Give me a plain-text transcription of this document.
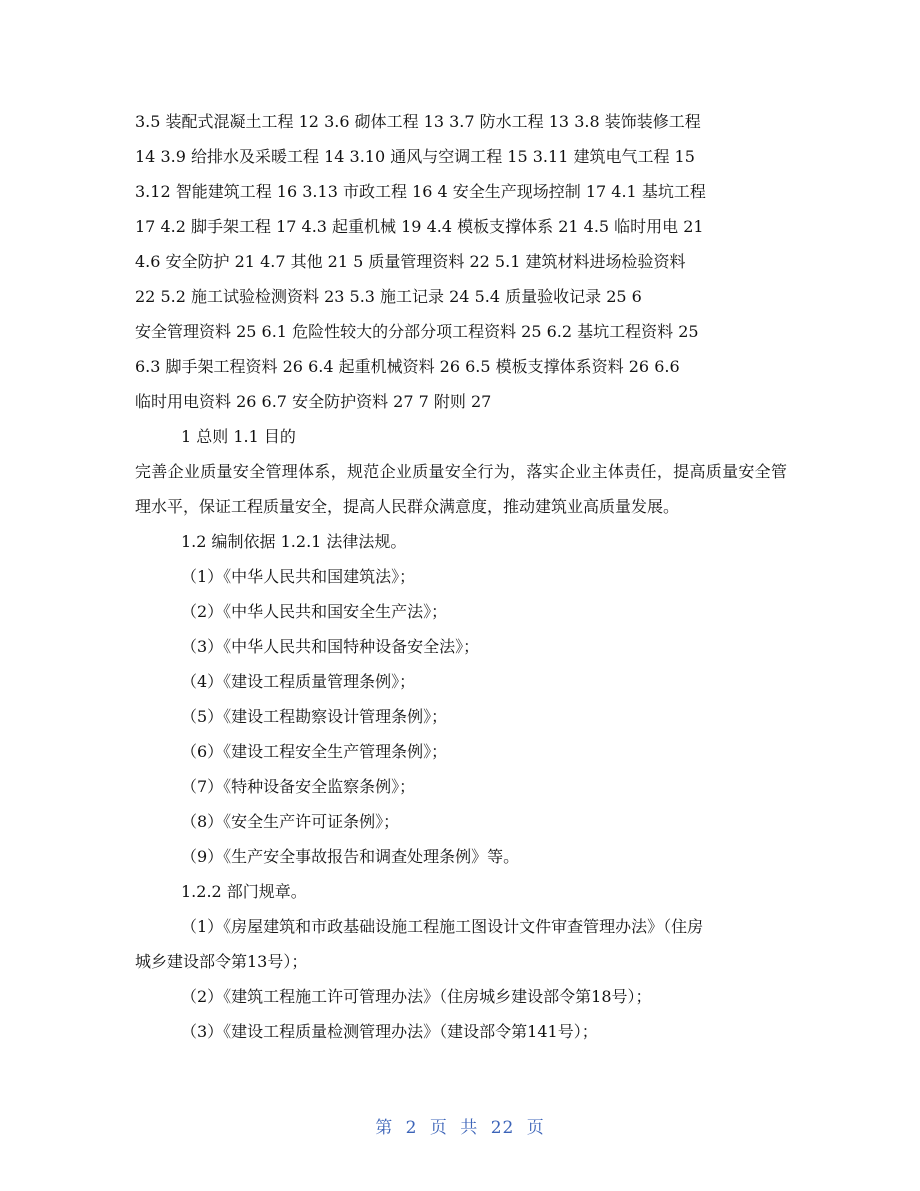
3.5 装配式混凝土工程 12 3.6 砌体工程 13 3.7 防水工程 13 3.8 装饰装修工程
14 3.9 给排水及采暖工程 14 3.10 通风与空调工程 15 3.11 建筑电气工程 15
3.12 智能建筑工程 16 3.13 市政工程 16 4 安全生产现场控制 17 4.1 基坑工程
17 4.2 脚手架工程 17 4.3 起重机械 19 4.4 模板支撑体系 21 4.5 临时用电 21
4.6 安全防护 21 4.7 其他 21 5 质量管理资料 22 5.1 建筑材料进场检验资料
22 5.2 施工试验检测资料 23 5.3 施工记录 24 5.4 质量验收记录 25 6
安全管理资料 25 6.1 危险性较大的分部分项工程资料 25 6.2 基坑工程资料 25
6.3 脚手架工程资料 26 6.4 起重机械资料 26 6.5 模板支撑体系资料 26 6.6
临时用电资料 26 6.7 安全防护资料 27 7 附则 27
1 总则 1.1 目的
完善企业质量安全管理体系，规范企业质量安全行为，落实企业主体责任，提高质量安全管理水平，保证工程质量安全，提高人民群众满意度，推动建筑业高质量发展。
1.2 编制依据 1.2.1 法律法规。
（1）《中华人民共和国建筑法》；
（2）《中华人民共和国安全生产法》；
（3）《中华人民共和国特种设备安全法》；
（4）《建设工程质量管理条例》；
（5）《建设工程勘察设计管理条例》；
（6）《建设工程安全生产管理条例》；
（7）《特种设备安全监察条例》；
（8）《安全生产许可证条例》；
（9）《生产安全事故报告和调查处理条例》等。
1.2.2 部门规章。
（1）《房屋建筑和市政基础设施工程施工图设计文件审查管理办法》（住房
城乡建设部令第13号）；
（2）《建筑工程施工许可管理办法》（住房城乡建设部令第18号）；
（3）《建设工程质量检测管理办法》（建设部令第141号）；
第 2 页 共 22 页
